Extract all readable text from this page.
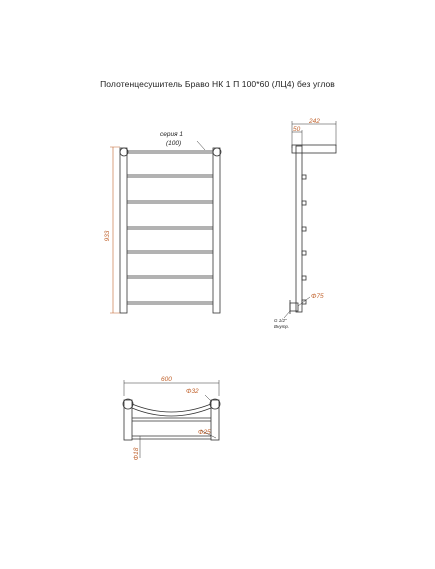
Полотенцесушитель Браво НК 1 П 100*60 (ЛЦ4) без углов
серия 1
(100)
933
242
50
Φ75
G 1/2"
Внутр.
600
Φ32
Φ25
Φ18
